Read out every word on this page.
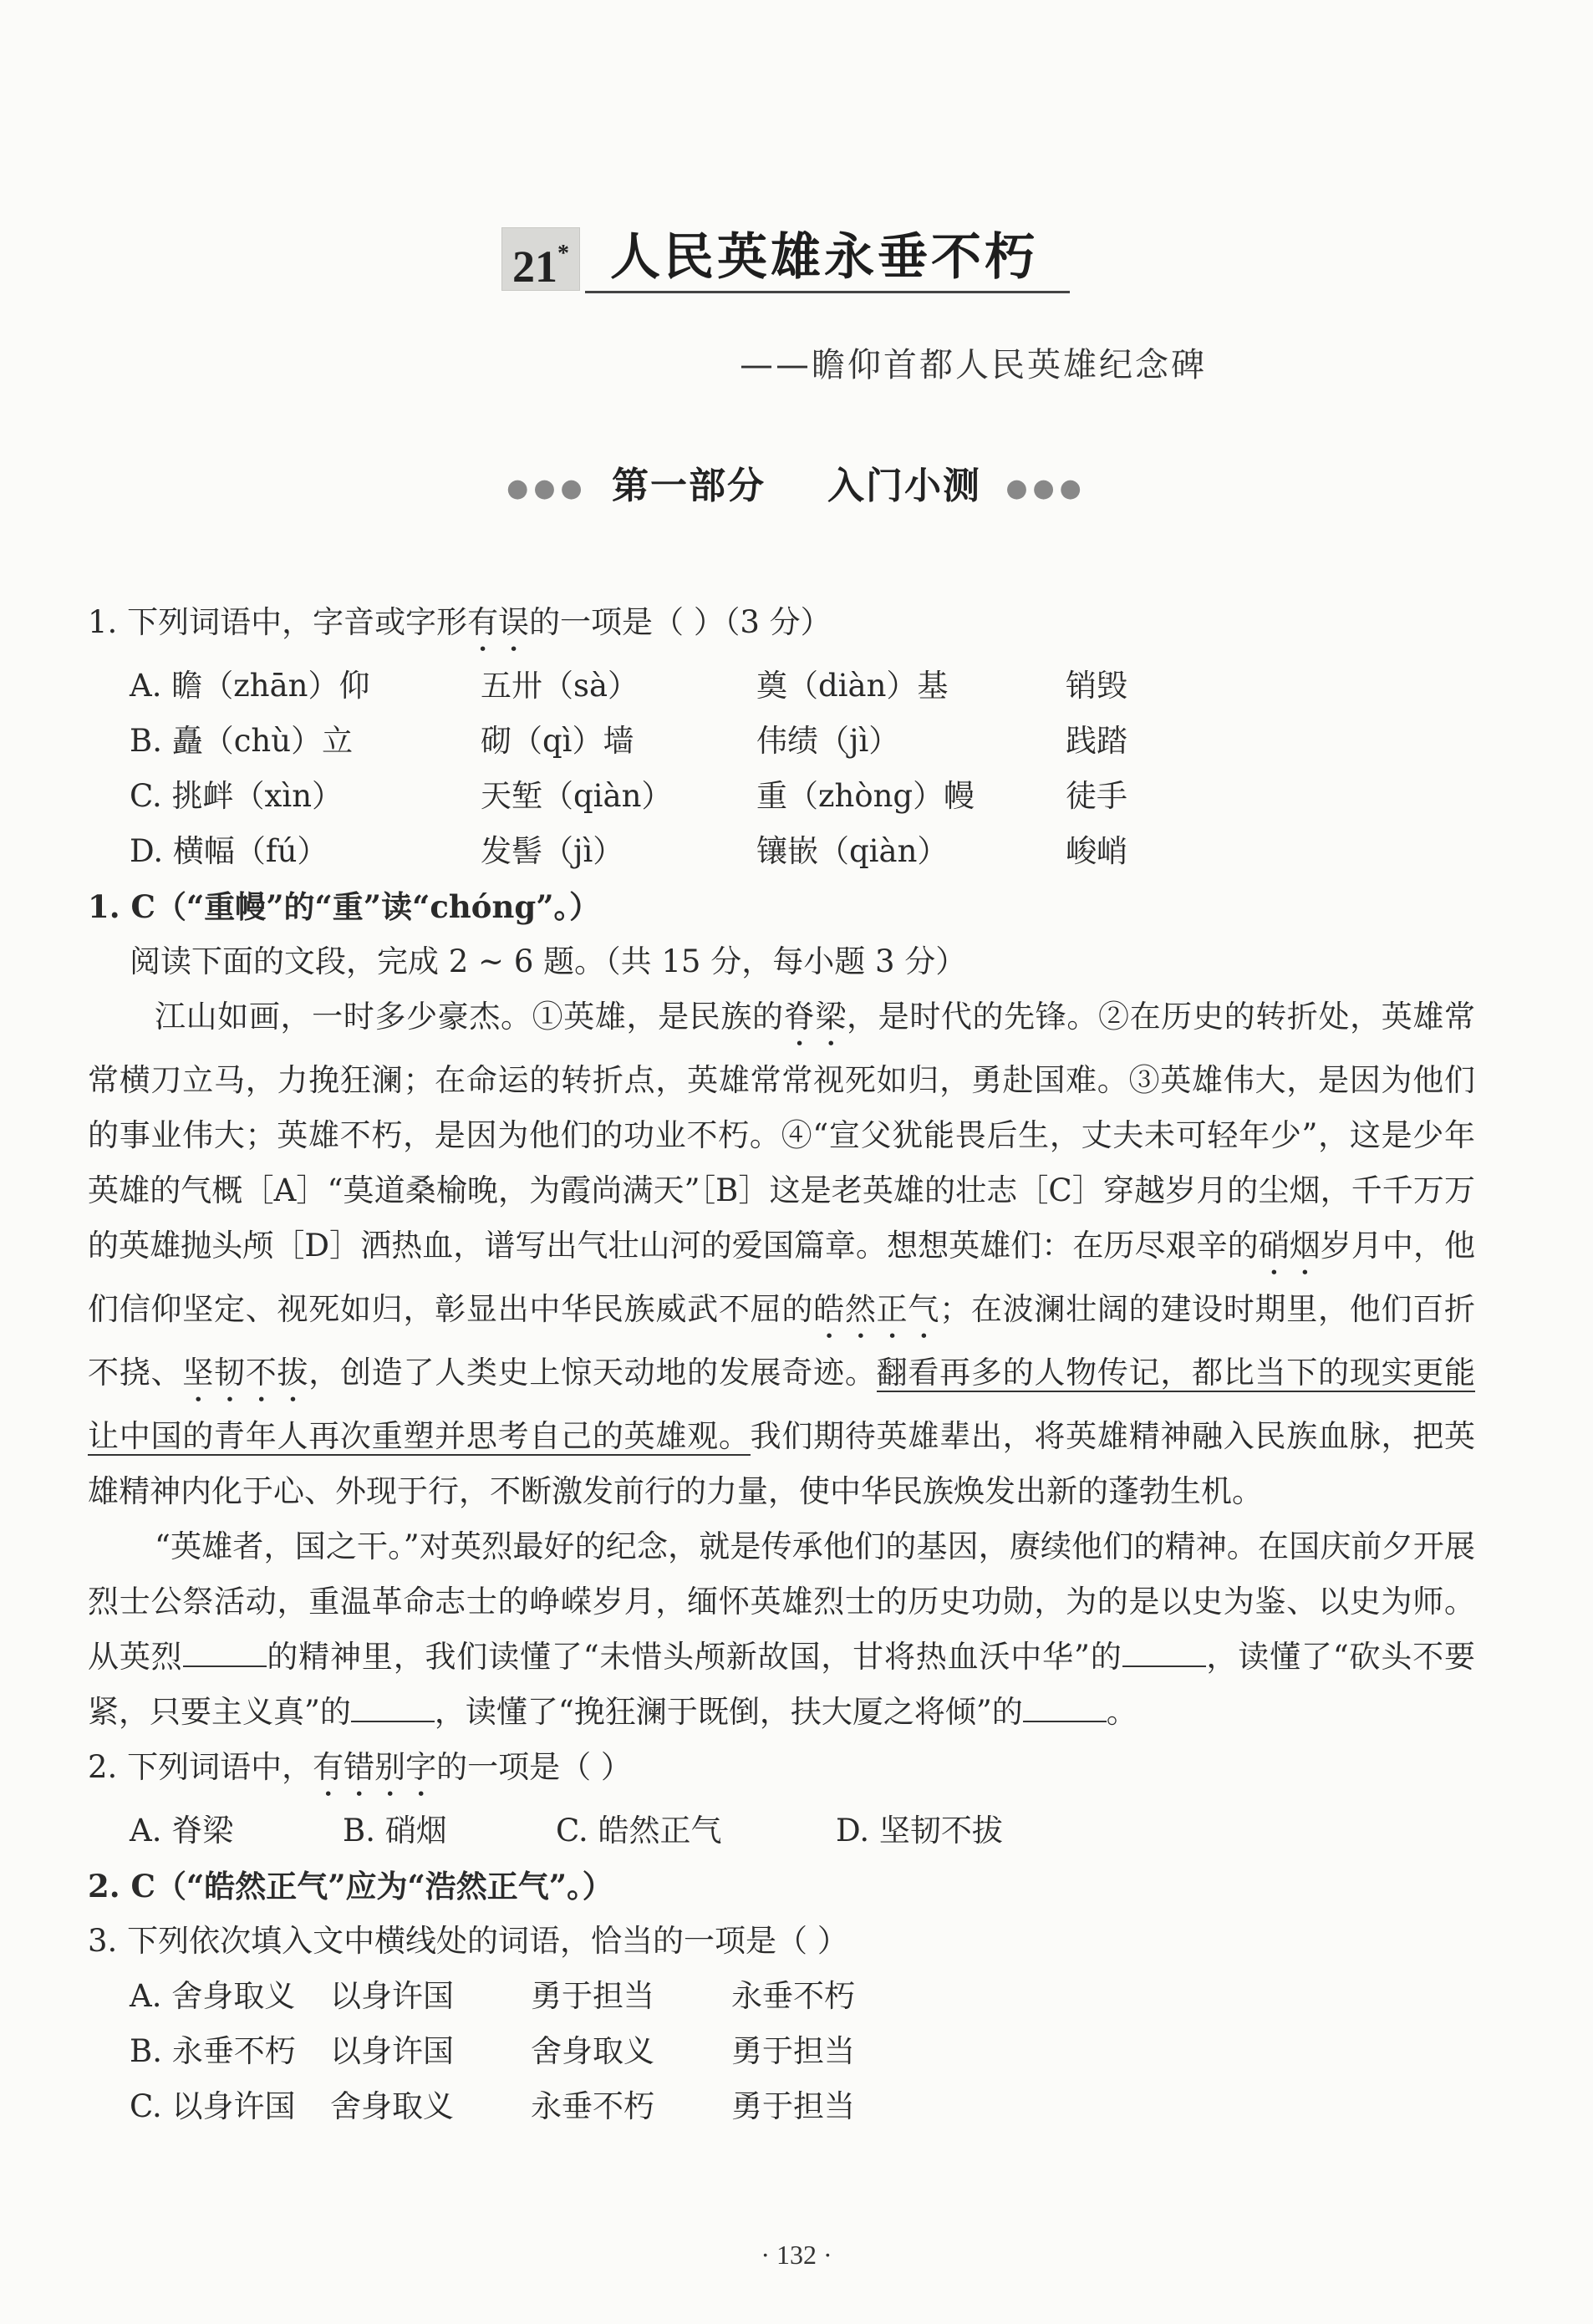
21* 人民英雄永垂不朽
——瞻仰首都人民英雄纪念碑
●●● 第一部分 入门小测 ●●●
1. 下列词语中，字音或字形有误的一项是（ ）（3 分）
A. 瞻（zhān）仰	五卅（sà）	奠（diàn）基	销毁
B. 矗（chù）立	砌（qì）墙	伟绩（jì）	践踏
C. 挑衅（xìn）	天堑（qiàn）	重（zhòng）幔	徒手
D. 横幅（fú）	发髻（jì）	镶嵌（qiàn）	峻峭
1. C（“重幔”的“重”读“chóng”。）
阅读下面的文段，完成 2 ~ 6 题。（共 15 分，每小题 3 分）
江山如画，一时多少豪杰。①英雄，是民族的脊梁，是时代的先锋。②在历史的转折处，英雄常常横刀立马，力挽狂澜；在命运的转折点，英雄常常视死如归，勇赴国难。③英雄伟大，是因为他们的事业伟大；英雄不朽，是因为他们的功业不朽。④“宣父犹能畏后生，丈夫未可轻年少”，这是少年英雄的气概［A］“莫道桑榆晚，为霞尚满天”［B］这是老英雄的壮志［C］穿越岁月的尘烟，千千万万的英雄抛头颅［D］洒热血，谱写出气壮山河的爱国篇章。想想英雄们：在历尽艰辛的硝烟岁月中，他们信仰坚定、视死如归，彰显出中华民族威武不屈的皓然正气；在波澜壮阔的建设时期里，他们百折不挠、坚韧不拔，创造了人类史上惊天动地的发展奇迹。翻看再多的人物传记，都比当下的现实更能让中国的青年人再次重塑并思考自己的英雄观。我们期待英雄辈出，将英雄精神融入民族血脉，把英雄精神内化于心、外现于行，不断激发前行的力量，使中华民族焕发出新的蓬勃生机。
“英雄者，国之干。”对英烈最好的纪念，就是传承他们的基因，赓续他们的精神。在国庆前夕开展烈士公祭活动，重温革命志士的峥嵘岁月，缅怀英雄烈士的历史功勋，为的是以史为鉴、以史为师。从英烈	的精神里，我们读懂了“未惜头颅新故国，甘将热血沃中华”的	，读懂了“砍头不要紧，只要主义真”的	，读懂了“挽狂澜于既倒，扶大厦之将倾”的	。
2. 下列词语中，有错别字的一项是（ ）
A. 脊梁	B. 硝烟	C. 皓然正气	D. 坚韧不拔
2. C（“皓然正气”应为“浩然正气”。）
3. 下列依次填入文中横线处的词语，恰当的一项是（ ）
A. 舍身取义	以身许国	勇于担当	永垂不朽
B. 永垂不朽	以身许国	舍身取义	勇于担当
C. 以身许国	舍身取义	永垂不朽	勇于担当
· 132 ·
